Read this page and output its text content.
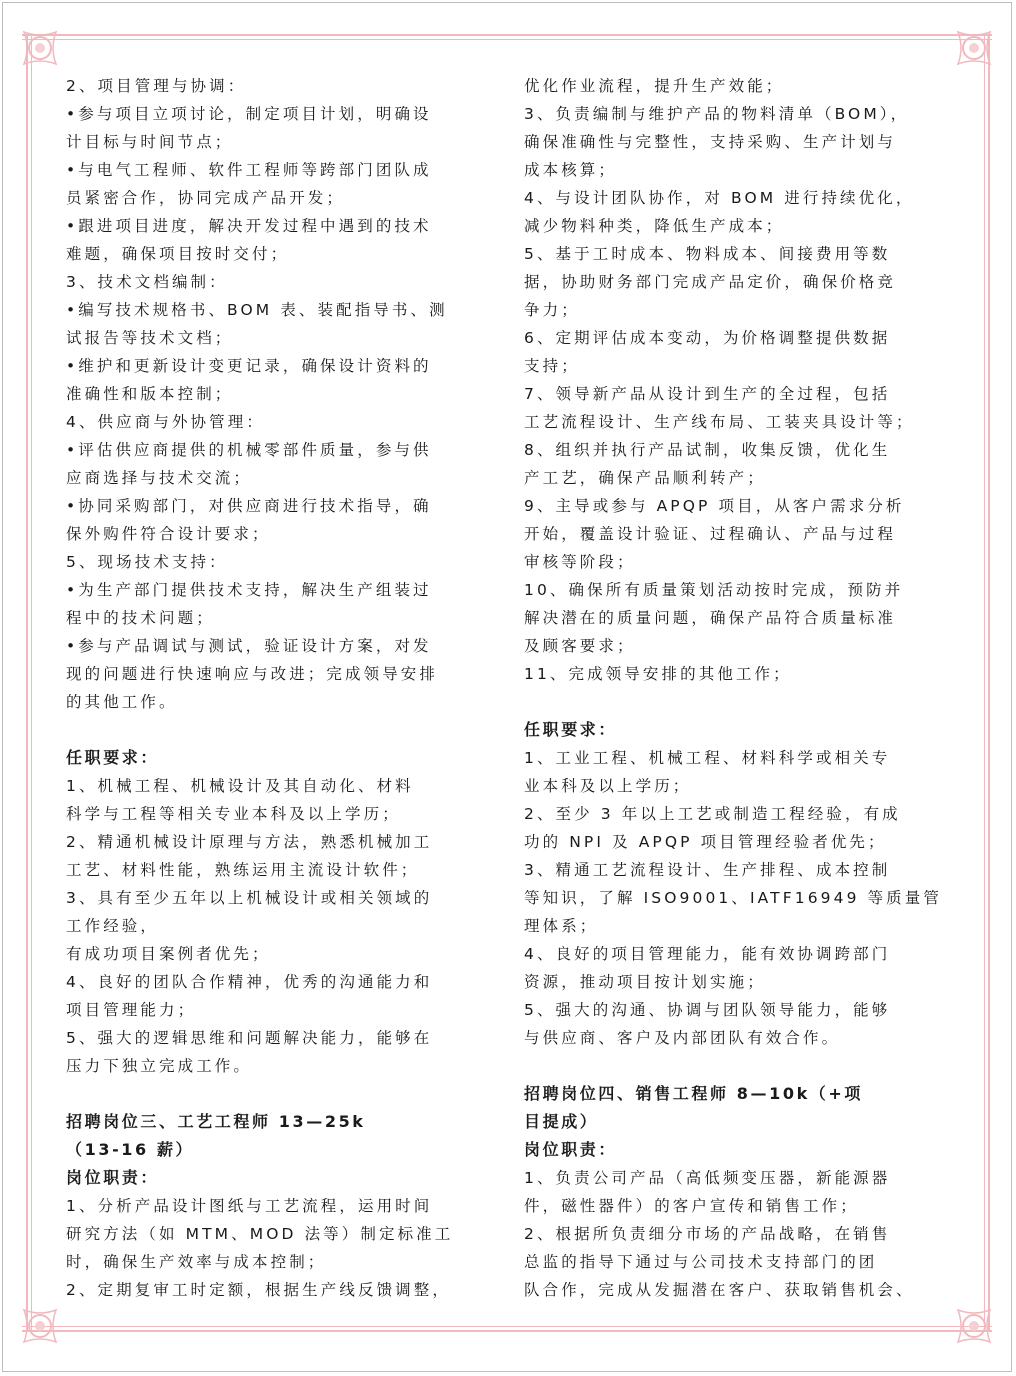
2、项目管理与协调：
•参与项目立项讨论，制定项目计划，明确设
计目标与时间节点；
•与电气工程师、软件工程师等跨部门团队成
员紧密合作，协同完成产品开发；
•跟进项目进度，解决开发过程中遇到的技术
难题，确保项目按时交付；
3、技术文档编制：
•编写技术规格书、BOM 表、装配指导书、测
试报告等技术文档；
•维护和更新设计变更记录，确保设计资料的
准确性和版本控制；
4、供应商与外协管理：
•评估供应商提供的机械零部件质量，参与供
应商选择与技术交流；
•协同采购部门，对供应商进行技术指导，确
保外购件符合设计要求；
5、现场技术支持：
•为生产部门提供技术支持，解决生产组装过
程中的技术问题；
•参与产品调试与测试，验证设计方案，对发
现的问题进行快速响应与改进；完成领导安排
的其他工作。
任职要求：
1、机械工程、机械设计及其自动化、材料
科学与工程等相关专业本科及以上学历；
2、精通机械设计原理与方法，熟悉机械加工
工艺、材料性能，熟练运用主流设计软件；
3、具有至少五年以上机械设计或相关领域的
工作经验，
有成功项目案例者优先；
4、良好的团队合作精神，优秀的沟通能力和
项目管理能力；
5、强大的逻辑思维和问题解决能力，能够在
压力下独立完成工作。
招聘岗位三、工艺工程师 13—25k
（13-16 薪）
岗位职责：
1、分析产品设计图纸与工艺流程，运用时间
研究方法（如 MTM、MOD 法等）制定标准工
时，确保生产效率与成本控制；
2、定期复审工时定额，根据生产线反馈调整，
优化作业流程，提升生产效能；
3、负责编制与维护产品的物料清单（BOM），
确保准确性与完整性，支持采购、生产计划与
成本核算；
4、与设计团队协作，对 BOM 进行持续优化，
减少物料种类，降低生产成本；
5、基于工时成本、物料成本、间接费用等数
据，协助财务部门完成产品定价，确保价格竞
争力；
6、定期评估成本变动，为价格调整提供数据
支持；
7、领导新产品从设计到生产的全过程，包括
工艺流程设计、生产线布局、工装夹具设计等；
8、组织并执行产品试制，收集反馈，优化生
产工艺，确保产品顺利转产；
9、主导或参与 APQP 项目，从客户需求分析
开始，覆盖设计验证、过程确认、产品与过程
审核等阶段；
10、确保所有质量策划活动按时完成，预防并
解决潜在的质量问题，确保产品符合质量标准
及顾客要求；
11、完成领导安排的其他工作；
任职要求：
1、工业工程、机械工程、材料科学或相关专
业本科及以上学历；
2、至少 3 年以上工艺或制造工程经验，有成
功的 NPI 及 APQP 项目管理经验者优先；
3、精通工艺流程设计、生产排程、成本控制
等知识，了解 ISO9001、IATF16949 等质量管
理体系；
4、良好的项目管理能力，能有效协调跨部门
资源，推动项目按计划实施；
5、强大的沟通、协调与团队领导能力，能够
与供应商、客户及内部团队有效合作。
招聘岗位四、销售工程师 8—10k（+项
目提成）
岗位职责：
1、负责公司产品（高低频变压器，新能源器
件，磁性器件）的客户宣传和销售工作；
2、根据所负责细分市场的产品战略，在销售
总监的指导下通过与公司技术支持部门的团
队合作，完成从发掘潜在客户、获取销售机会、
